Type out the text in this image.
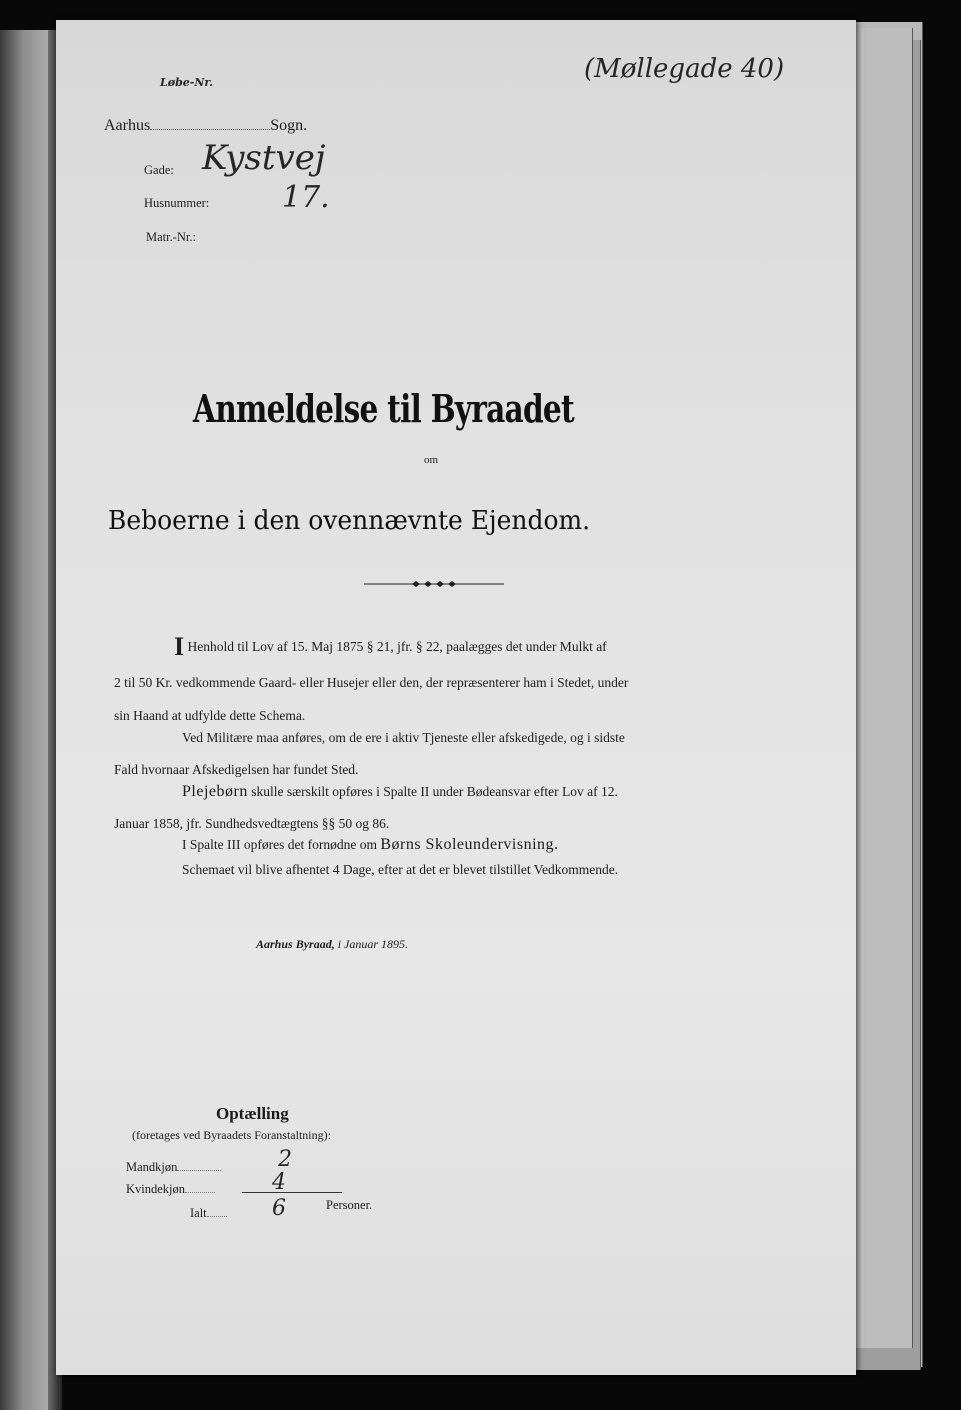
Løbe-Nr.	(Møllegade 40)
Aarhus	Sogn.
Gade: Kystvej
Husnummer: 17.
Matr.-Nr.:
Anmeldelse til Byraadet
om
Beboerne i den ovennævnte Ejendom.
I Henhold til Lov af 15. Maj 1875 § 21, jfr. § 22, paalægges det under Mulkt af
2 til 50 Kr. vedkommende Gaard- eller Husejer eller den, der repræsenterer ham i Stedet, under
sin Haand at udfylde dette Schema.
Ved Militære maa anføres, om de ere i aktiv Tjeneste eller afskedigede, og i sidste
Fald hvornaar Afskedigelsen har fundet Sted.
Plejebørn skulle særskilt opføres i Spalte II under Bødeansvar efter Lov af 12.
Januar 1858, jfr. Sundhedsvedtægtens §§ 50 og 86.
I Spalte III opføres det fornødne om Børns Skoleundervisning.
Schemaet vil blive afhentet 4 Dage, efter at det er blevet tilstillet Vedkommende.
Aarhus Byraad, i Januar 1895.
Optælling
(foretages ved Byraadets Foranstaltning):
Mandkjøn	2
Kvindekjøn	4
Ialt	6	Personer.
